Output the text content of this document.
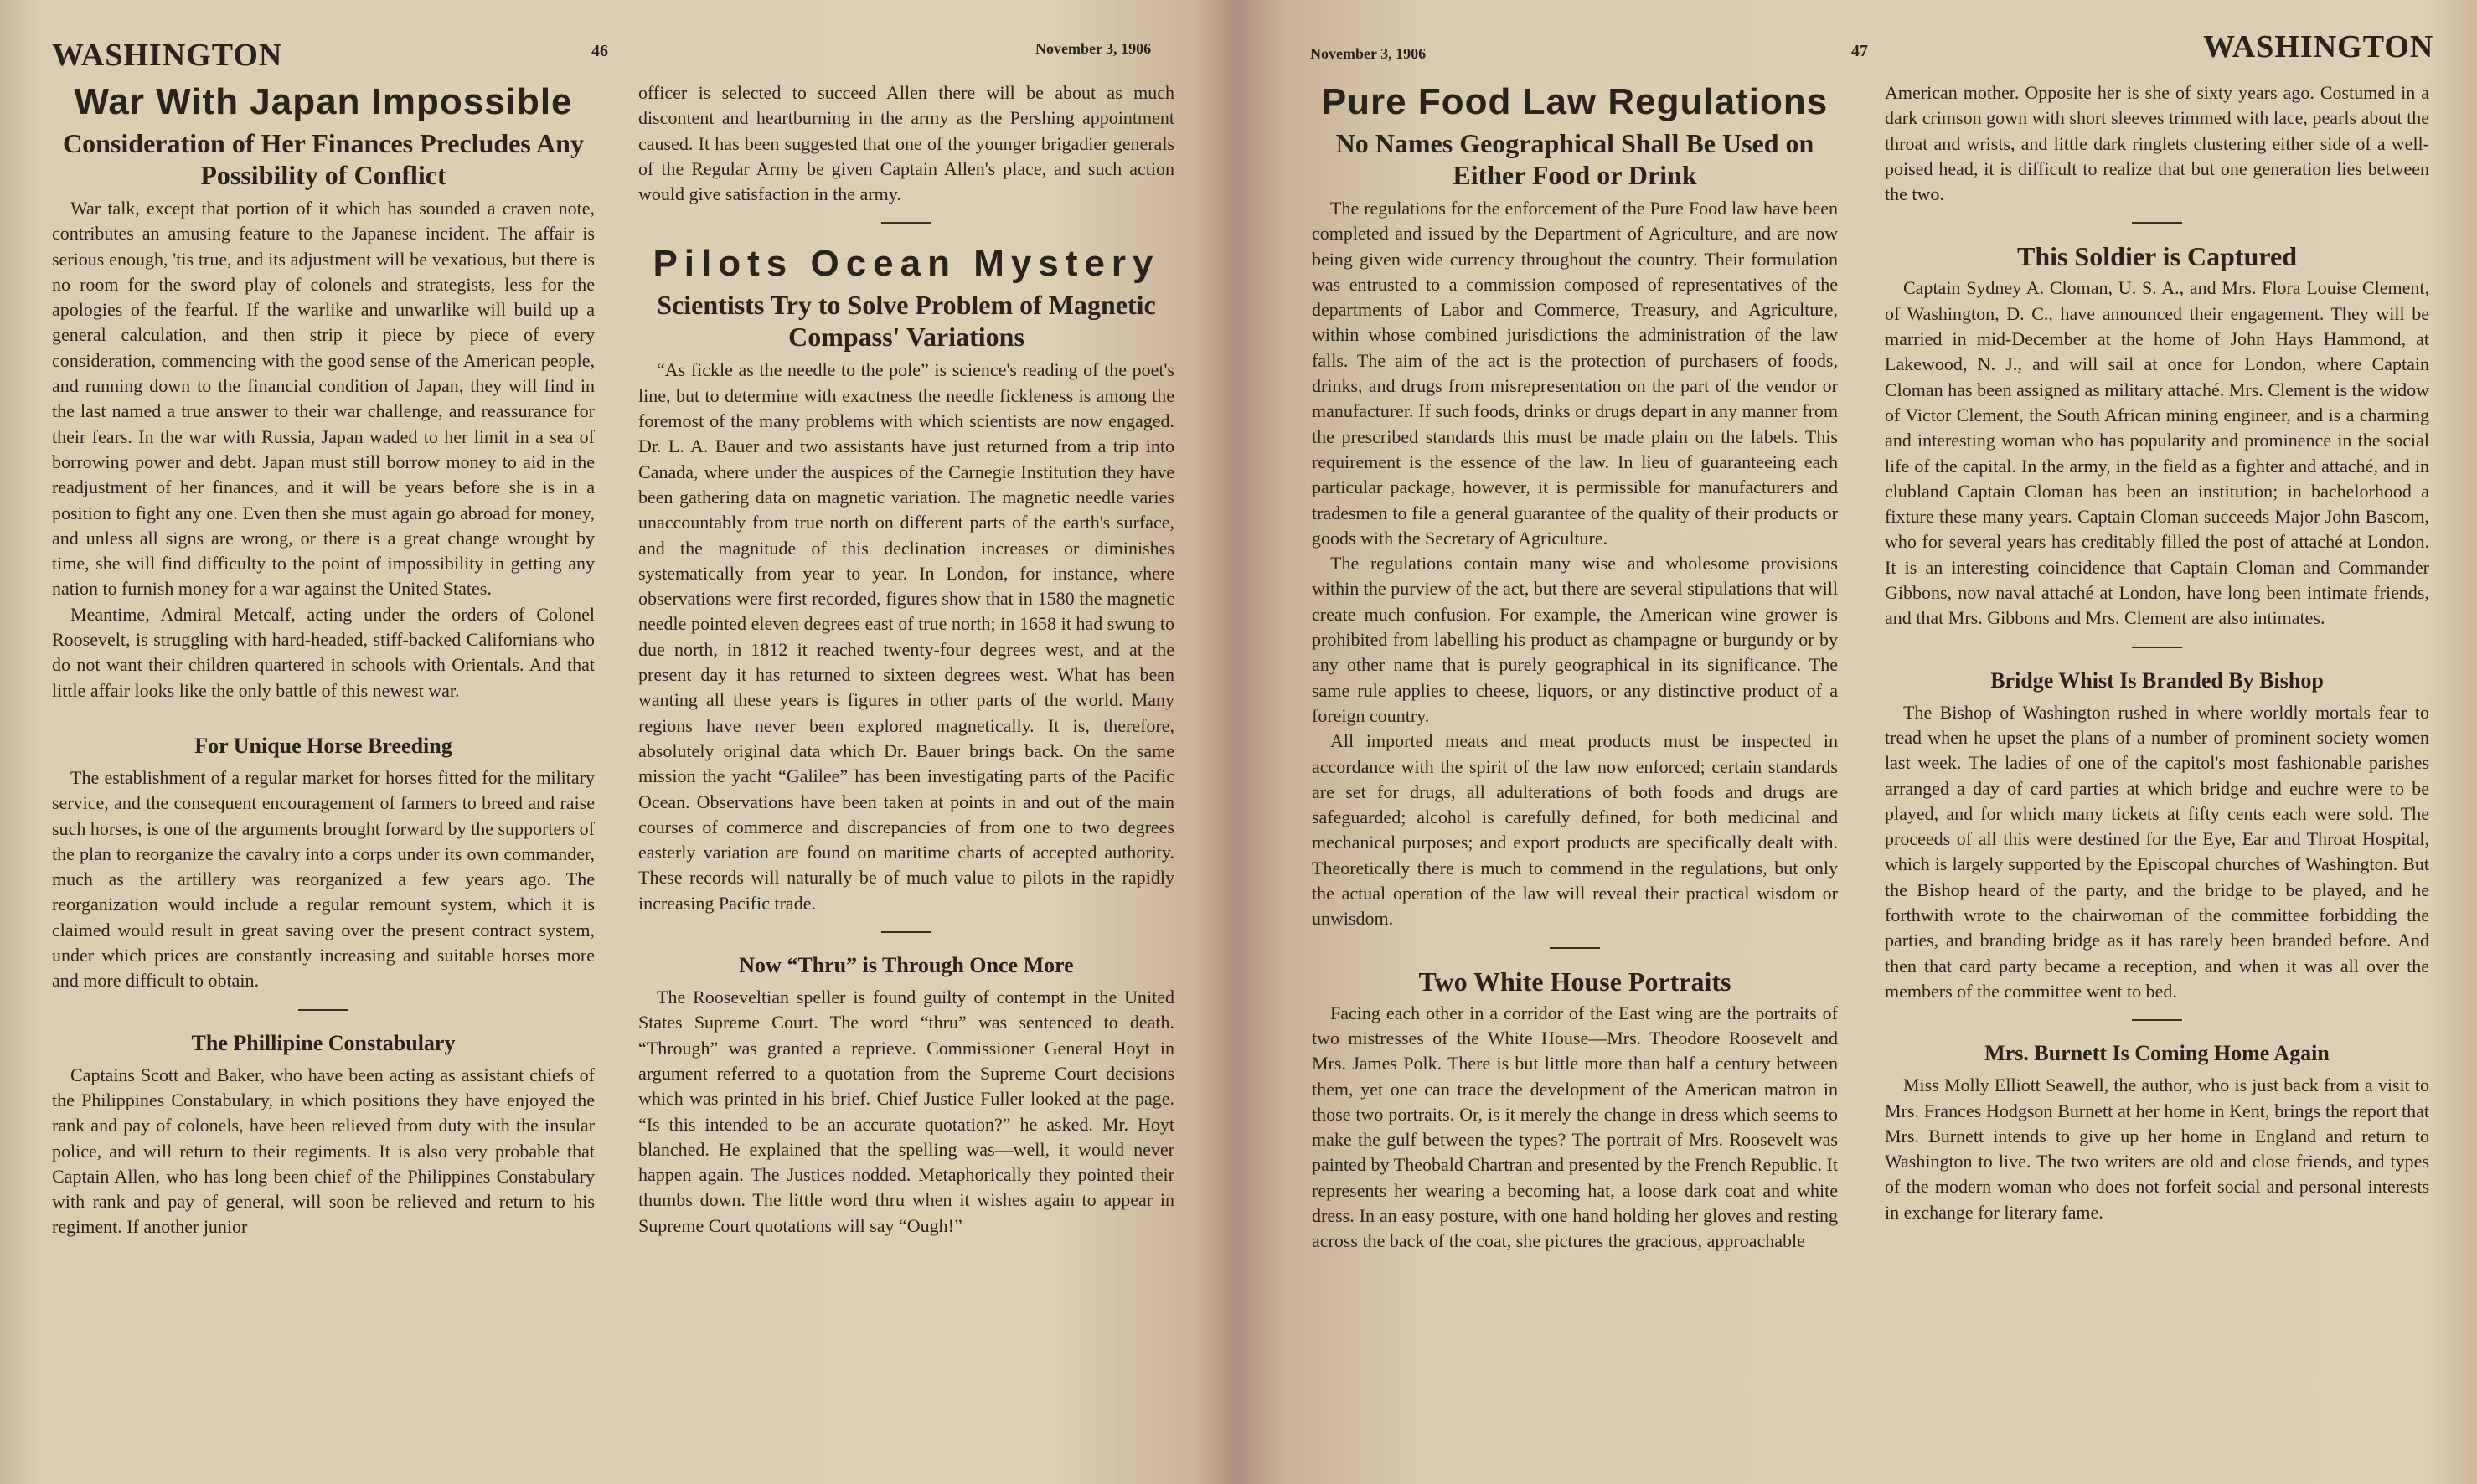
WASHINGTON	46	November 3, 1906
War With Japan Impossible
Consideration of Her Finances Precludes Any Possibility of Conflict

War talk, except that portion of it which has sounded a craven note, contributes an amusing feature to the Japanese incident. The affair is serious enough, 'tis true, and its adjustment will be vexatious, but there is no room for the sword play of colonels and strategists, less for the apologies of the fearful. If the warlike and unwarlike will build up a general calculation, and then strip it piece by piece of every consideration, commencing with the good sense of the American people, and running down to the financial condition of Japan, they will find in the last named a true answer to their war challenge, and reassurance for their fears. In the war with Russia, Japan waded to her limit in a sea of borrowing power and debt. Japan must still borrow money to aid in the readjustment of her finances, and it will be years before she is in a position to fight any one. Even then she must again go abroad for money, and unless all signs are wrong, or there is a great change wrought by time, she will find difficulty to the point of impossibility in getting any nation to furnish money for a war against the United States.

Meantime, Admiral Metcalf, acting under the orders of Colonel Roosevelt, is struggling with hard-headed, stiff-backed Californians who do not want their children quartered in schools with Orientals. And that little affair looks like the only battle of this newest war.

For Unique Horse Breeding

The establishment of a regular market for horses fitted for the military service, and the consequent encouragement of farmers to breed and raise such horses, is one of the arguments brought forward by the supporters of the plan to reorganize the cavalry into a corps under its own commander, much as the artillery was reorganized a few years ago. The reorganization would include a regular remount system, which it is claimed would result in great saving over the present contract system, under which prices are constantly increasing and suitable horses more and more difficult to obtain.

The Phillipine Constabulary

Captains Scott and Baker, who have been acting as assistant chiefs of the Philippines Constabulary, in which positions they have enjoyed the rank and pay of colonels, have been relieved from duty with the insular police, and will return to their regiments. It is also very probable that Captain Allen, who has long been chief of the Philippines Constabulary with rank and pay of general, will soon be relieved and return to his regiment. If another junior

officer is selected to succeed Allen there will be about as much discontent and heartburning in the army as the Pershing appointment caused. It has been suggested that one of the younger brigadier generals of the Regular Army be given Captain Allen's place, and such action would give satisfaction in the army.

Pilots Ocean Mystery
Scientists Try to Solve Problem of Magnetic Compass' Variations

“As fickle as the needle to the pole” is science's reading of the poet's line, but to determine with exactness the needle fickleness is among the foremost of the many problems with which scientists are now engaged. Dr. L. A. Bauer and two assistants have just returned from a trip into Canada, where under the auspices of the Carnegie Institution they have been gathering data on magnetic variation. The magnetic needle varies unaccountably from true north on different parts of the earth's surface, and the magnitude of this declination increases or diminishes systematically from year to year. In London, for instance, where observations were first recorded, figures show that in 1580 the magnetic needle pointed eleven degrees east of true north; in 1658 it had swung to due north, in 1812 it reached twenty-four degrees west, and at the present day it has returned to sixteen degrees west. What has been wanting all these years is figures in other parts of the world. Many regions have never been explored magnetically. It is, therefore, absolutely original data which Dr. Bauer brings back. On the same mission the yacht “Galilee” has been investigating parts of the Pacific Ocean. Observations have been taken at points in and out of the main courses of commerce and discrepancies of from one to two degrees easterly variation are found on maritime charts of accepted authority. These records will naturally be of much value to pilots in the rapidly increasing Pacific trade.

Now “Thru” is Through Once More

The Rooseveltian speller is found guilty of contempt in the United States Supreme Court. The word “thru” was sentenced to death. “Through” was granted a reprieve. Commissioner General Hoyt in argument referred to a quotation from the Supreme Court decisions which was printed in his brief. Chief Justice Fuller looked at the page. “Is this intended to be an accurate quotation?” he asked. Mr. Hoyt blanched. He explained that the spelling was—well, it would never happen again. The Justices nodded. Metaphorically they pointed their thumbs down. The little word thru when it wishes again to appear in Supreme Court quotations will say “Ough!”

November 3, 1906	47	WASHINGTON
Pure Food Law Regulations
No Names Geographical Shall Be Used on Either Food or Drink

The regulations for the enforcement of the Pure Food law have been completed and issued by the Department of Agriculture, and are now being given wide currency throughout the country. Their formulation was entrusted to a commission composed of representatives of the departments of Labor and Commerce, Treasury, and Agriculture, within whose combined jurisdictions the administration of the law falls. The aim of the act is the protection of purchasers of foods, drinks, and drugs from misrepresentation on the part of the vendor or manufacturer. If such foods, drinks or drugs depart in any manner from the prescribed standards this must be made plain on the labels. This requirement is the essence of the law. In lieu of guaranteeing each particular package, however, it is permissible for manufacturers and tradesmen to file a general guarantee of the quality of their products or goods with the Secretary of Agriculture.

The regulations contain many wise and wholesome provisions within the purview of the act, but there are several stipulations that will create much confusion. For example, the American wine grower is prohibited from labelling his product as champagne or burgundy or by any other name that is purely geographical in its significance. The same rule applies to cheese, liquors, or any distinctive product of a foreign country.

All imported meats and meat products must be inspected in accordance with the spirit of the law now enforced; certain standards are set for drugs, all adulterations of both foods and drugs are safeguarded; alcohol is carefully defined, for both medicinal and mechanical purposes; and export products are specifically dealt with. Theoretically there is much to commend in the regulations, but only the actual operation of the law will reveal their practical wisdom or unwisdom.

Two White House Portraits

Facing each other in a corridor of the East wing are the portraits of two mistresses of the White House—Mrs. Theodore Roosevelt and Mrs. James Polk. There is but little more than half a century between them, yet one can trace the development of the American matron in those two portraits. Or, is it merely the change in dress which seems to make the gulf between the types? The portrait of Mrs. Roosevelt was painted by Theobald Chartran and presented by the French Republic. It represents her wearing a becoming hat, a loose dark coat and white dress. In an easy posture, with one hand holding her gloves and resting across the back of the coat, she pictures the gracious, approachable

American mother. Opposite her is she of sixty years ago. Costumed in a dark crimson gown with short sleeves trimmed with lace, pearls about the throat and wrists, and little dark ringlets clustering either side of a well-poised head, it is difficult to realize that but one generation lies between the two.

This Soldier is Captured

Captain Sydney A. Cloman, U. S. A., and Mrs. Flora Louise Clement, of Washington, D. C., have announced their engagement. They will be married in mid-December at the home of John Hays Hammond, at Lakewood, N. J., and will sail at once for London, where Captain Cloman has been assigned as military attaché. Mrs. Clement is the widow of Victor Clement, the South African mining engineer, and is a charming and interesting woman who has popularity and prominence in the social life of the capital. In the army, in the field as a fighter and attaché, and in clubland Captain Cloman has been an institution; in bachelorhood a fixture these many years. Captain Cloman succeeds Major John Bascom, who for several years has creditably filled the post of attaché at London. It is an interesting coincidence that Captain Cloman and Commander Gibbons, now naval attaché at London, have long been intimate friends, and that Mrs. Gibbons and Mrs. Clement are also intimates.

Bridge Whist Is Branded By Bishop

The Bishop of Washington rushed in where worldly mortals fear to tread when he upset the plans of a number of prominent society women last week. The ladies of one of the capitol's most fashionable parishes arranged a day of card parties at which bridge and euchre were to be played, and for which many tickets at fifty cents each were sold. The proceeds of all this were destined for the Eye, Ear and Throat Hospital, which is largely supported by the Episcopal churches of Washington. But the Bishop heard of the party, and the bridge to be played, and he forthwith wrote to the chairwoman of the committee forbidding the parties, and branding bridge as it has rarely been branded before. And then that card party became a reception, and when it was all over the members of the committee went to bed.

Mrs. Burnett Is Coming Home Again

Miss Molly Elliott Seawell, the author, who is just back from a visit to Mrs. Frances Hodgson Burnett at her home in Kent, brings the report that Mrs. Burnett intends to give up her home in England and return to Washington to live. The two writers are old and close friends, and types of the modern woman who does not forfeit social and personal interests in exchange for literary fame.
